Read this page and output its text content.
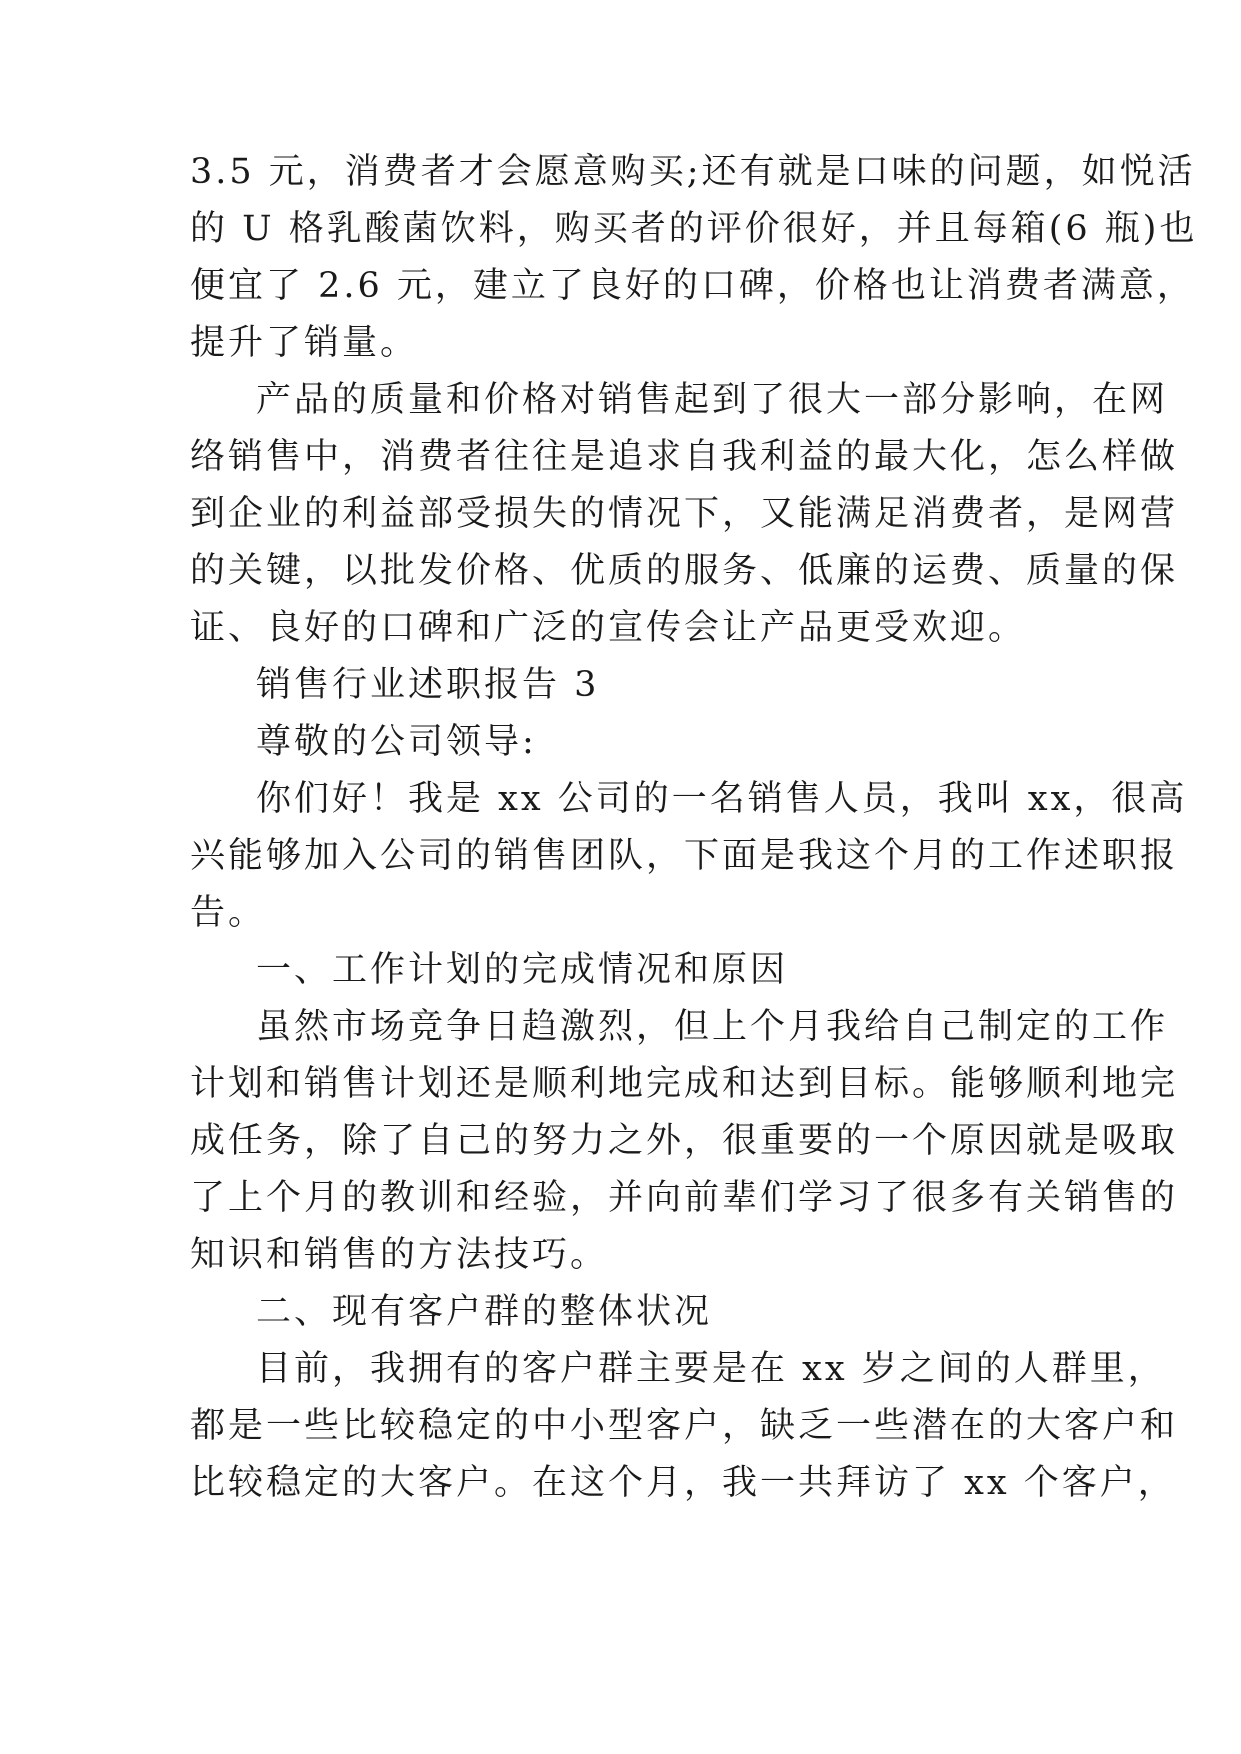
3.5 元，消费者才会愿意购买;还有就是口味的问题，如悦活
的 U 格乳酸菌饮料，购买者的评价很好，并且每箱(6 瓶)也
便宜了 2.6 元，建立了良好的口碑，价格也让消费者满意，
提升了销量。
产品的质量和价格对销售起到了很大一部分影响，在网
络销售中，消费者往往是追求自我利益的最大化，怎么样做
到企业的利益部受损失的情况下，又能满足消费者，是网营
的关键，以批发价格、优质的服务、低廉的运费、质量的保
证、良好的口碑和广泛的宣传会让产品更受欢迎。
销售行业述职报告 3
尊敬的公司领导:
你们好！我是 xx 公司的一名销售人员，我叫 xx，很高
兴能够加入公司的销售团队，下面是我这个月的工作述职报
告。
一、工作计划的完成情况和原因
虽然市场竞争日趋激烈，但上个月我给自己制定的工作
计划和销售计划还是顺利地完成和达到目标。能够顺利地完
成任务，除了自己的努力之外，很重要的一个原因就是吸取
了上个月的教训和经验，并向前辈们学习了很多有关销售的
知识和销售的方法技巧。
二、现有客户群的整体状况
目前，我拥有的客户群主要是在 xx 岁之间的人群里，
都是一些比较稳定的中小型客户，缺乏一些潜在的大客户和
比较稳定的大客户。在这个月，我一共拜访了 xx 个客户，
